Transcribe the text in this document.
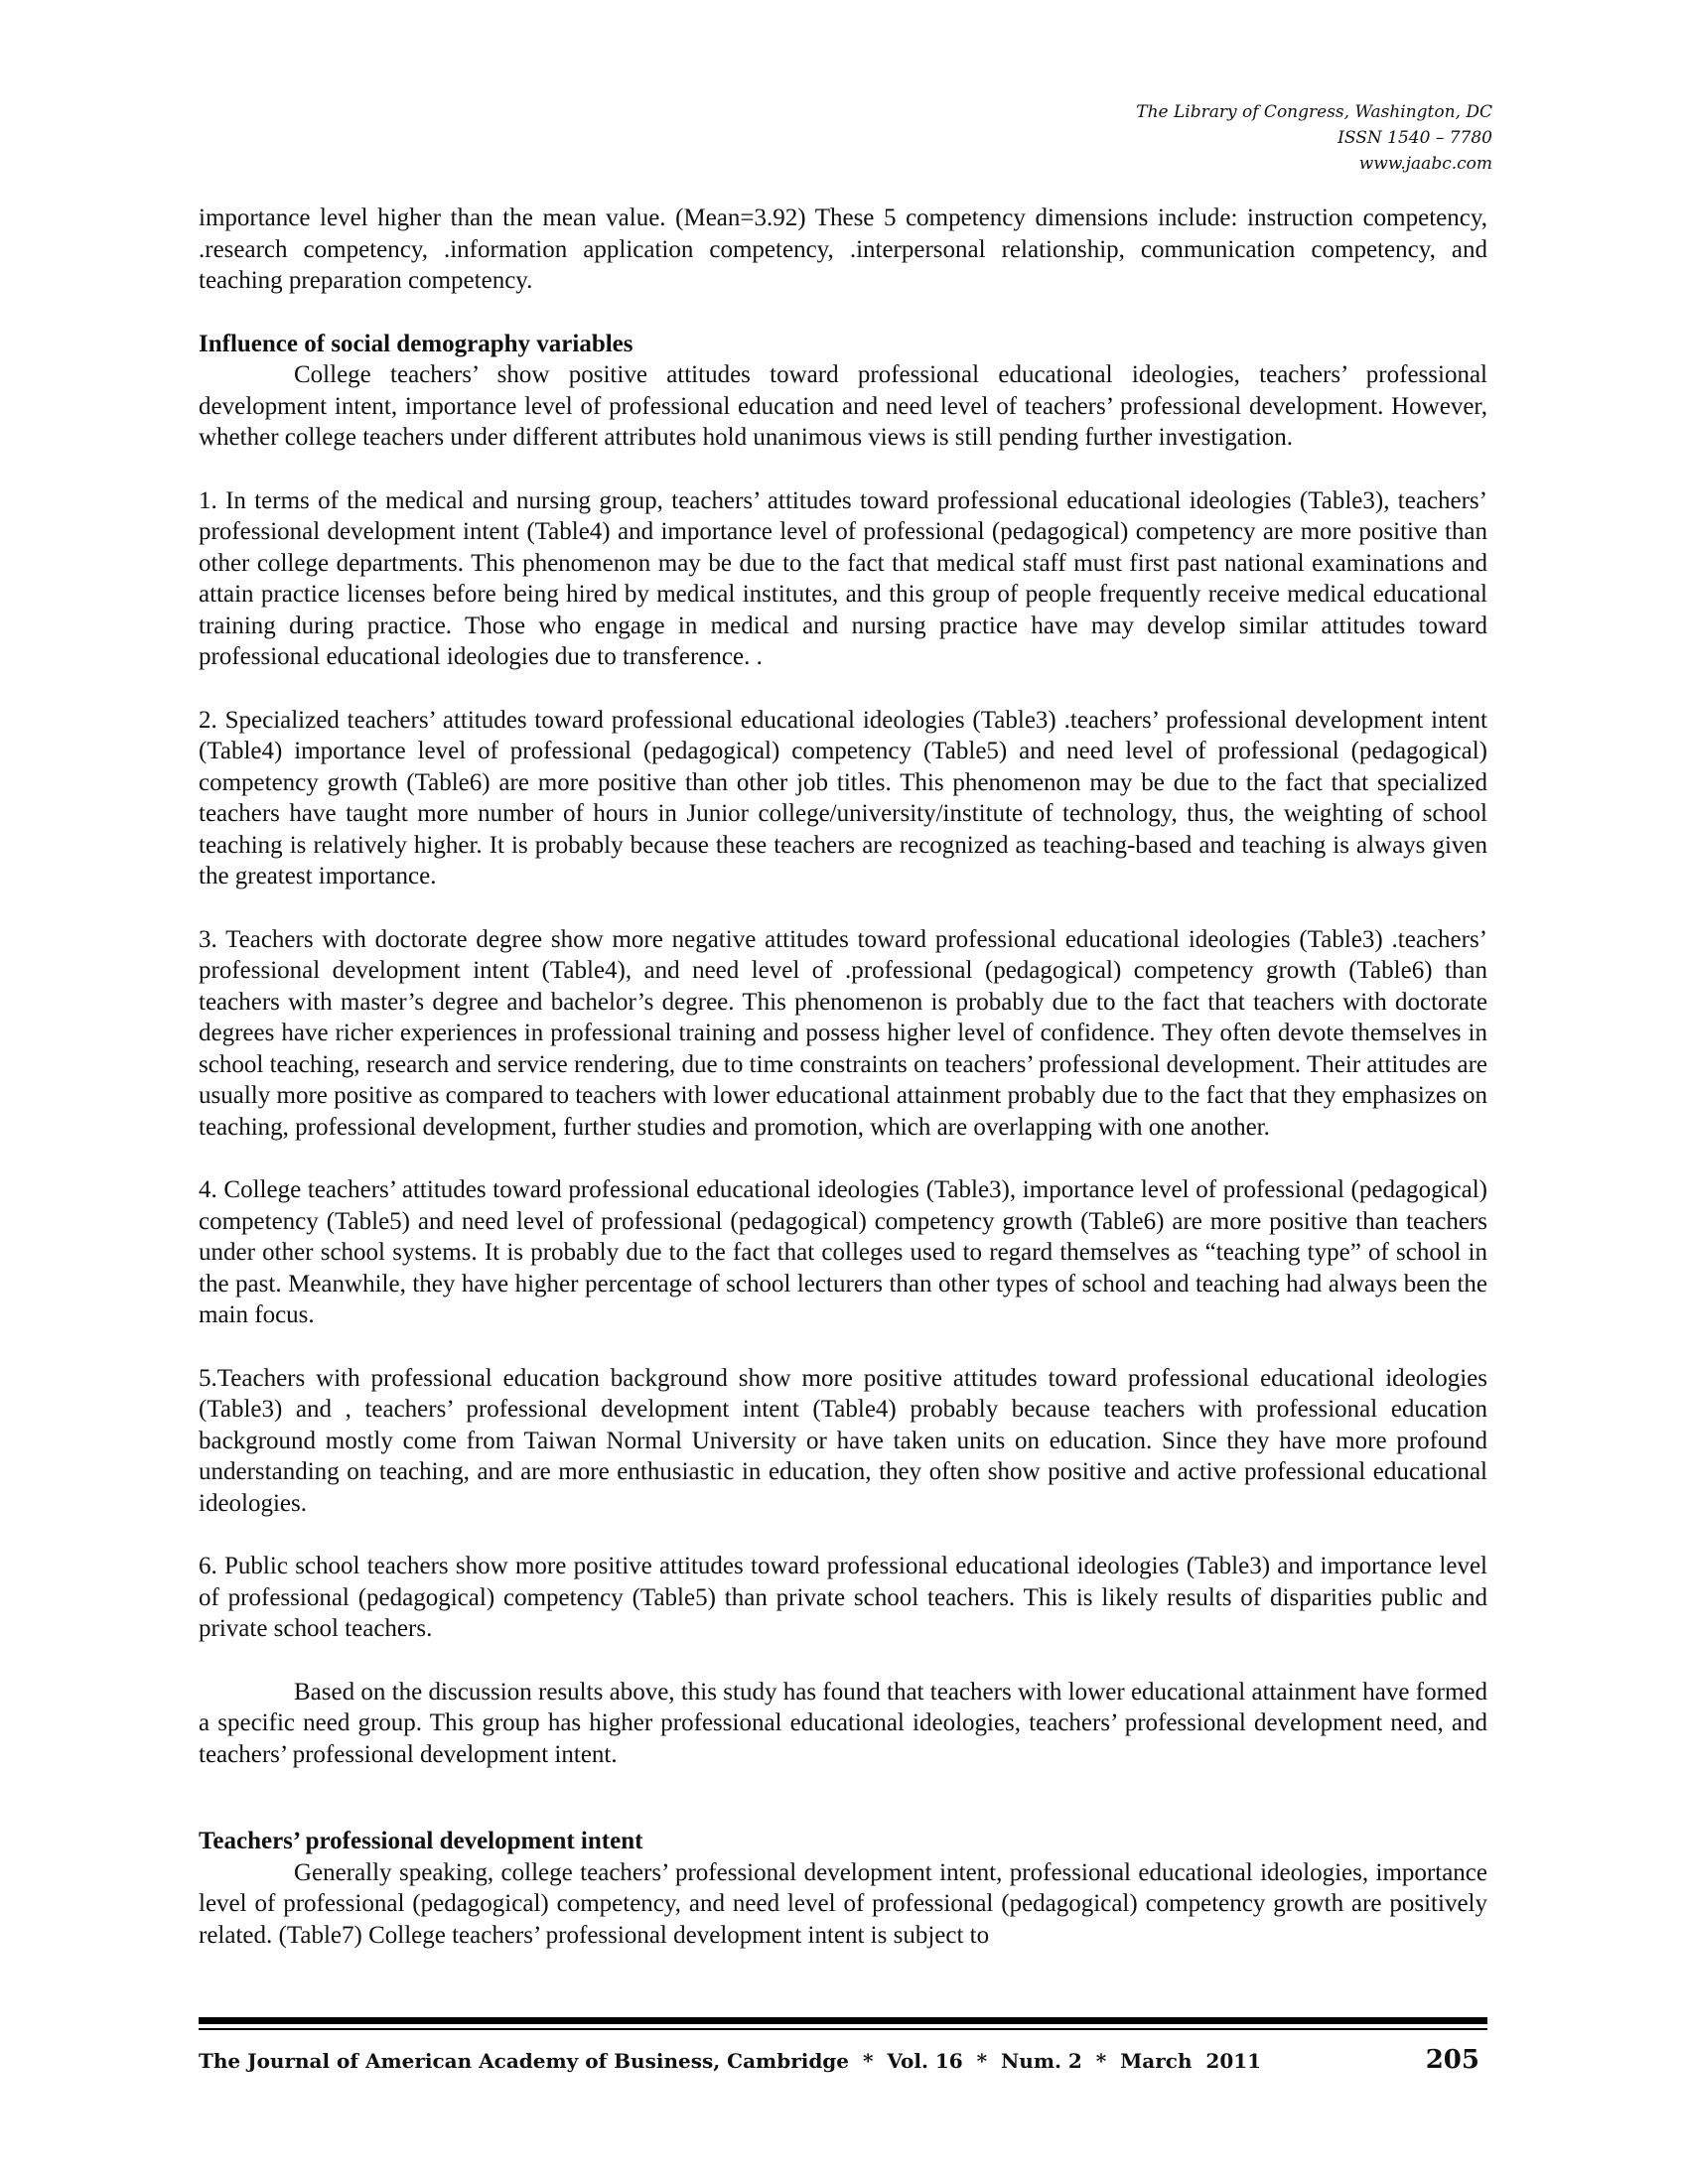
The Library of Congress, Washington, DC
ISSN 1540 – 7780
www.jaabc.com

importance level higher than the mean value. (Mean=3.92) These 5 competency dimensions include: instruction competency, .research competency, .information application competency, .interpersonal relationship, communication competency, and teaching preparation competency.

Influence of social demography variables

College teachers’ show positive attitudes toward professional educational ideologies, teachers’ professional development intent, importance level of professional education and need level of teachers’ professional development. However, whether college teachers under different attributes hold unanimous views is still pending further investigation.

1. In terms of the medical and nursing group, teachers’ attitudes toward professional educational ideologies (Table3), teachers’ professional development intent (Table4) and importance level of professional (pedagogical) competency are more positive than other college departments. This phenomenon may be due to the fact that medical staff must first past national examinations and attain practice licenses before being hired by medical institutes, and this group of people frequently receive medical educational training during practice. Those who engage in medical and nursing practice have may develop similar attitudes toward professional educational ideologies due to transference. .

2. Specialized teachers’ attitudes toward professional educational ideologies (Table3) .teachers’ professional development intent (Table4) importance level of professional (pedagogical) competency (Table5) and need level of professional (pedagogical) competency growth (Table6) are more positive than other job titles. This phenomenon may be due to the fact that specialized teachers have taught more number of hours in Junior college/university/institute of technology, thus, the weighting of school teaching is relatively higher. It is probably because these teachers are recognized as teaching-based and teaching is always given the greatest importance.

3. Teachers with doctorate degree show more negative attitudes toward professional educational ideologies (Table3) .teachers’ professional development intent (Table4), and need level of .professional (pedagogical) competency growth (Table6) than teachers with master’s degree and bachelor’s degree. This phenomenon is probably due to the fact that teachers with doctorate degrees have richer experiences in professional training and possess higher level of confidence. They often devote themselves in school teaching, research and service rendering, due to time constraints on teachers’ professional development. Their attitudes are usually more positive as compared to teachers with lower educational attainment probably due to the fact that they emphasizes on teaching, professional development, further studies and promotion, which are overlapping with one another.

4. College teachers’ attitudes toward professional educational ideologies (Table3), importance level of professional (pedagogical) competency (Table5) and need level of professional (pedagogical) competency growth (Table6) are more positive than teachers under other school systems. It is probably due to the fact that colleges used to regard themselves as “teaching type” of school in the past. Meanwhile, they have higher percentage of school lecturers than other types of school and teaching had always been the main focus.

5.Teachers with professional education background show more positive attitudes toward professional educational ideologies (Table3) and , teachers’ professional development intent (Table4) probably because teachers with professional education background mostly come from Taiwan Normal University or have taken units on education. Since they have more profound understanding on teaching, and are more enthusiastic in education, they often show positive and active professional educational ideologies.

6. Public school teachers show more positive attitudes toward professional educational ideologies (Table3) and importance level of professional (pedagogical) competency (Table5) than private school teachers. This is likely results of disparities public and private school teachers.

Based on the discussion results above, this study has found that teachers with lower educational attainment have formed a specific need group. This group has higher professional educational ideologies, teachers’ professional development need, and teachers’ professional development intent.

Teachers’ professional development intent

Generally speaking, college teachers’ professional development intent, professional educational ideologies, importance level of professional (pedagogical) competency, and need level of professional (pedagogical) competency growth are positively related. (Table7) College teachers’ professional development intent is subject to

The Journal of American Academy of Business, Cambridge  *  Vol. 16  *  Num. 2  *  March  2011	205
